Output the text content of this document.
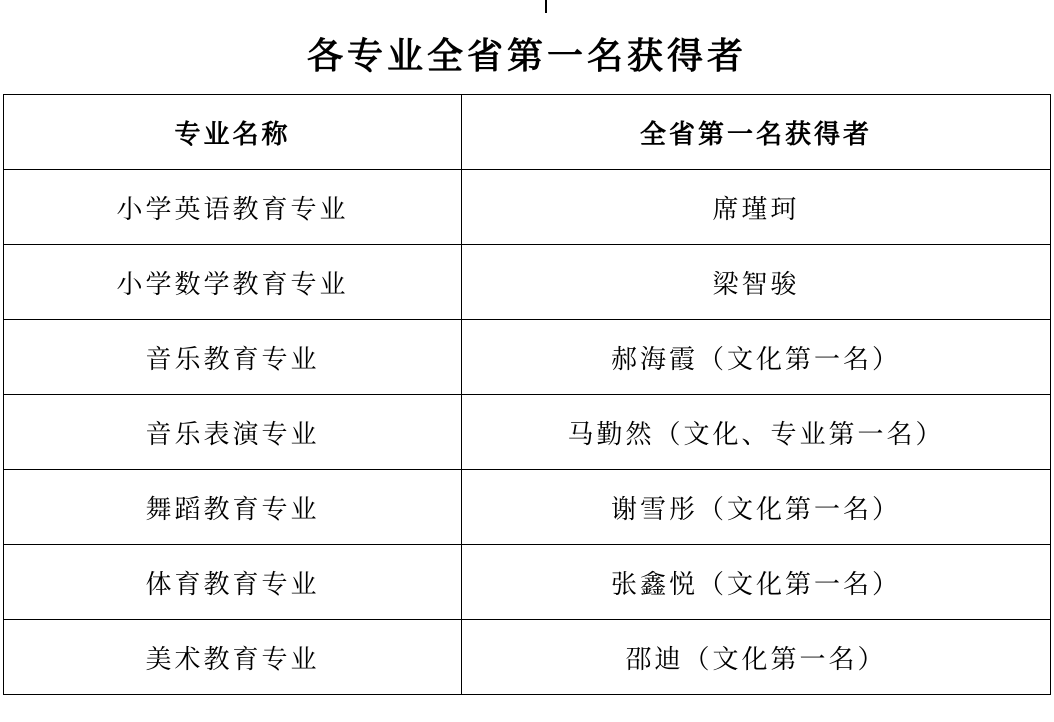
各专业全省第一名获得者
专业名称	全省第一名获得者
小学英语教育专业	席瑾珂
小学数学教育专业	梁智骏
音乐教育专业	郝海霞（文化第一名）
音乐表演专业	马勤然（文化、专业第一名）
舞蹈教育专业	谢雪彤（文化第一名）
体育教育专业	张鑫悦（文化第一名）
美术教育专业	邵迪（文化第一名）
